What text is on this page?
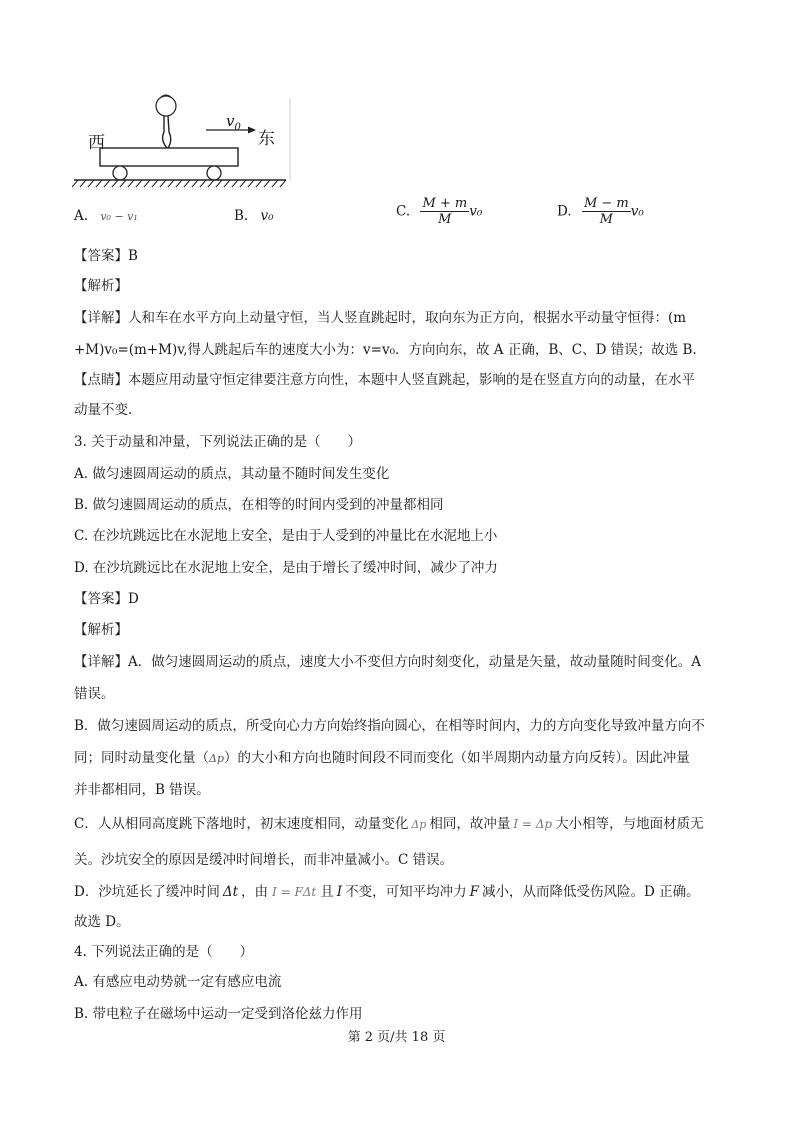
西	东
$v_0$
A. v₀ − v₁	B. v₀	C. $\frac{M + m}{M} v_0$	D. $\frac{M - m}{M} v_0$
【答案】B
【解析】
【详解】人和车在水平方向上动量守恒，当人竖直跳起时，取向东为正方向，根据水平动量守恒得：(m
+M)v₀=(m+M)v,得人跳起后车的速度大小为：v=v₀．方向向东，故 A 正确，B、C、D 错误；故选 B.
【点睛】本题应用动量守恒定律要注意方向性，本题中人竖直跳起，影响的是在竖直方向的动量，在水平
动量不变.
3. 关于动量和冲量，下列说法正确的是（　　）
A. 做匀速圆周运动的质点，其动量不随时间发生变化
B. 做匀速圆周运动的质点，在相等的时间内受到的冲量都相同
C. 在沙坑跳远比在水泥地上安全，是由于人受到的冲量比在水泥地上小
D. 在沙坑跳远比在水泥地上安全，是由于增长了缓冲时间，减少了冲力
【答案】D
【解析】
【详解】A．做匀速圆周运动的质点，速度大小不变但方向时刻变化，动量是矢量，故动量随时间变化。A
错误。
B．做匀速圆周运动的质点，所受向心力方向始终指向圆心，在相等时间内，力的方向变化导致冲量方向不
同；同时动量变化量（Δp）的大小和方向也随时间段不同而变化（如半周期内动量方向反转）。因此冲量
并非都相同，B 错误。
C．人从相同高度跳下落地时，初末速度相同，动量变化 Δp 相同，故冲量 I = Δp 大小相等，与地面材质无
关。沙坑安全的原因是缓冲时间增长，而非冲量减小。C 错误。
D．沙坑延长了缓冲时间 Δt ，由 I = FΔt 且 I 不变，可知平均冲力 F 减小，从而降低受伤风险。D 正确。
故选 D。
4. 下列说法正确的是（　　）
A. 有感应电动势就一定有感应电流
B. 带电粒子在磁场中运动一定受到洛伦兹力作用
第 2 页/共 18 页
